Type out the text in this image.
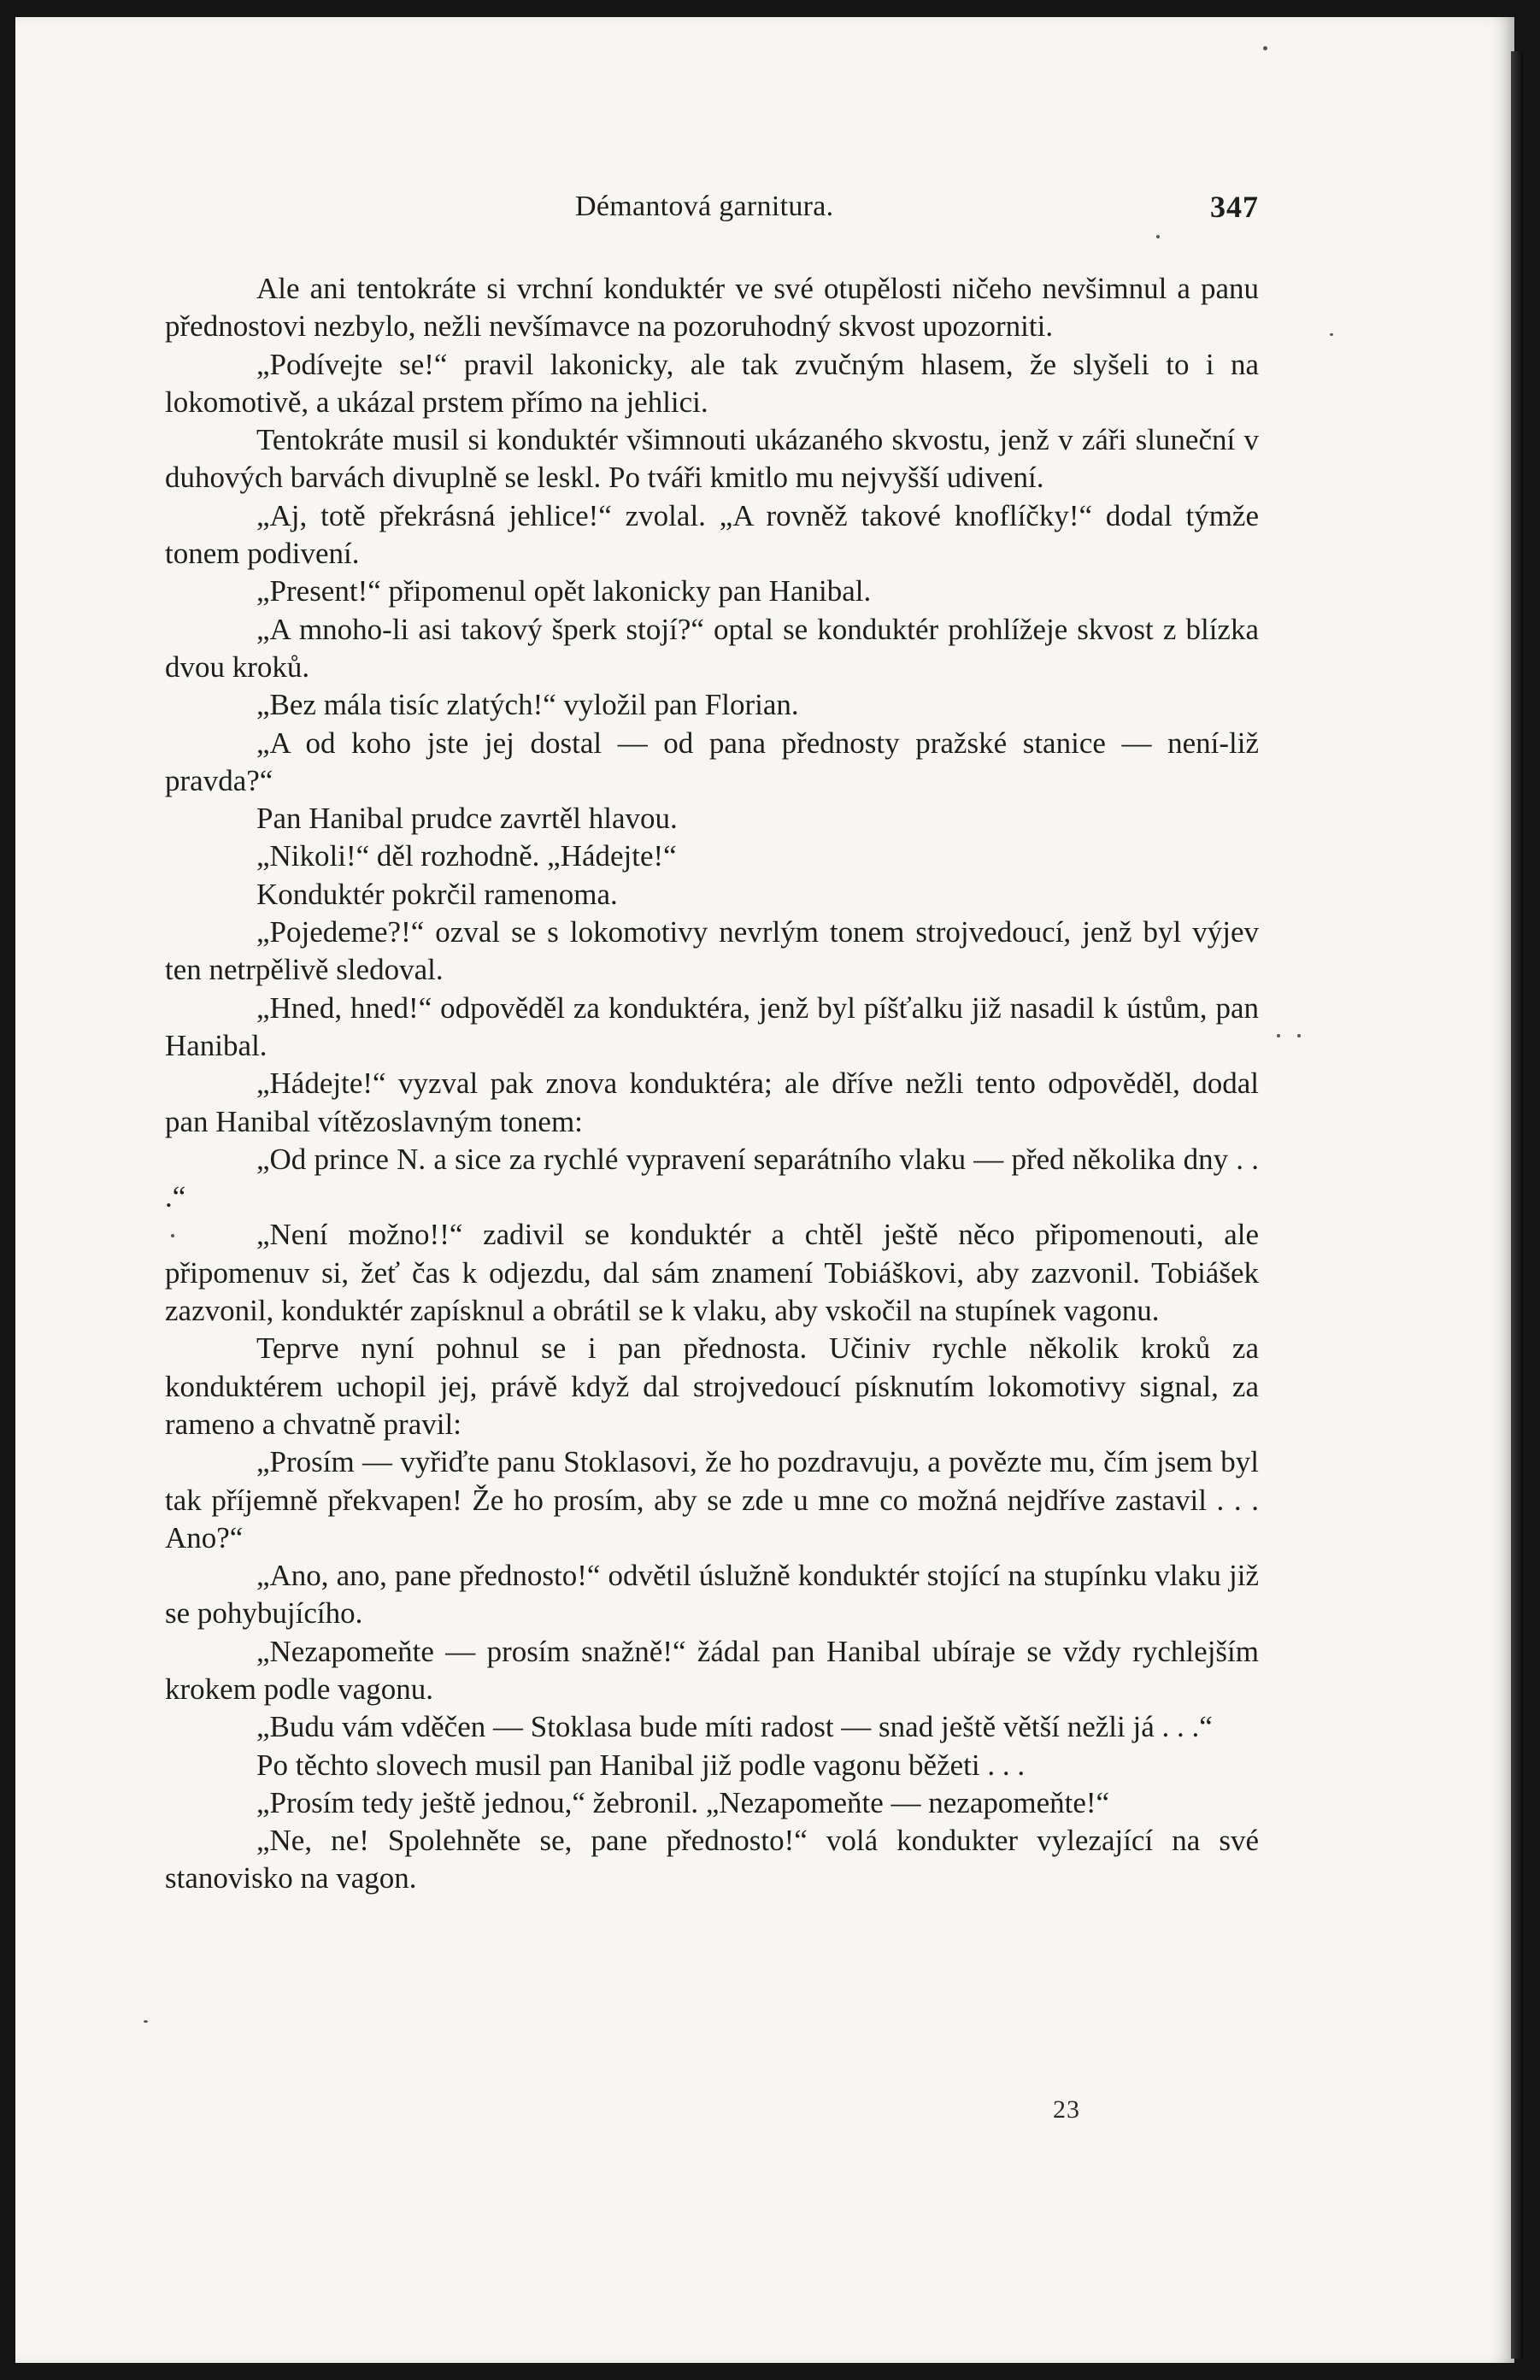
Démantová garnitura.	347

Ale ani tentokráte si vrchní konduktér ve své otupělosti ničeho nevšimnul a panu přednostovi nezbylo, nežli nevšímavce na pozoruhodný skvost upozorniti.

„Podívejte se!“ pravil lakonicky, ale tak zvučným hlasem, že slyšeli to i na lokomotivě, a ukázal prstem přímo na jehlici.

Tentokráte musil si konduktér všimnouti ukázaného skvostu, jenž v záři sluneční v duhových barvách divuplně se leskl. Po tváři kmitlo mu nejvyšší udivení.

„Aj, totě překrásná jehlice!“ zvolal. „A rovněž takové knoflíčky!“ dodal týmže tonem podivení.

„Present!“ připomenul opět lakonicky pan Hanibal.

„A mnoho-li asi takový šperk stojí?“ optal se konduktér prohlížeje skvost z blízka dvou kroků.

„Bez mála tisíc zlatých!“ vyložil pan Florian.

„A od koho jste jej dostal — od pana přednosty pražské stanice — není-liž pravda?“

Pan Hanibal prudce zavrtěl hlavou.

„Nikoli!“ děl rozhodně. „Hádejte!“

Konduktér pokrčil ramenoma.

„Pojedeme?!“ ozval se s lokomotivy nevrlým tonem strojvedoucí, jenž byl výjev ten netrpělivě sledoval.

„Hned, hned!“ odpověděl za konduktéra, jenž byl píšťalku již nasadil k ústům, pan Hanibal.

„Hádejte!“ vyzval pak znova konduktéra; ale dříve nežli tento odpověděl, dodal pan Hanibal vítězoslavným tonem:

„Od prince N. a sice za rychlé vypravení separátního vlaku — před několika dny . . .“

„Není možno!!“ zadivil se konduktér a chtěl ještě něco připomenouti, ale připomenuv si, žeť čas k odjezdu, dal sám znamení Tobiáškovi, aby zazvonil. Tobiášek zazvonil, konduktér zapísknul a obrátil se k vlaku, aby vskočil na stupínek vagonu.

Teprve nyní pohnul se i pan přednosta. Učiniv rychle několik kroků za konduktérem uchopil jej, právě když dal strojvedoucí písknutím lokomotivy signal, za rameno a chvatně pravil:

„Prosím — vyřiďte panu Stoklasovi, že ho pozdravuju, a povězte mu, čím jsem byl tak příjemně překvapen! Že ho prosím, aby se zde u mne co možná nejdříve zastavil . . . Ano?“

„Ano, ano, pane přednosto!“ odvětil úslužně konduktér stojící na stupínku vlaku již se pohybujícího.

„Nezapomeňte — prosím snažně!“ žádal pan Hanibal ubíraje se vždy rychlejším krokem podle vagonu.

„Budu vám vděčen — Stoklasa bude míti radost — snad ještě větší nežli já . . .“

Po těchto slovech musil pan Hanibal již podle vagonu běžeti . . .

„Prosím tedy ještě jednou,“ žebronil. „Nezapomeňte — nezapomeňte!“

„Ne, ne! Spolehněte se, pane přednosto!“ volá kondukter vylezající na své stanovisko na vagon.

23
